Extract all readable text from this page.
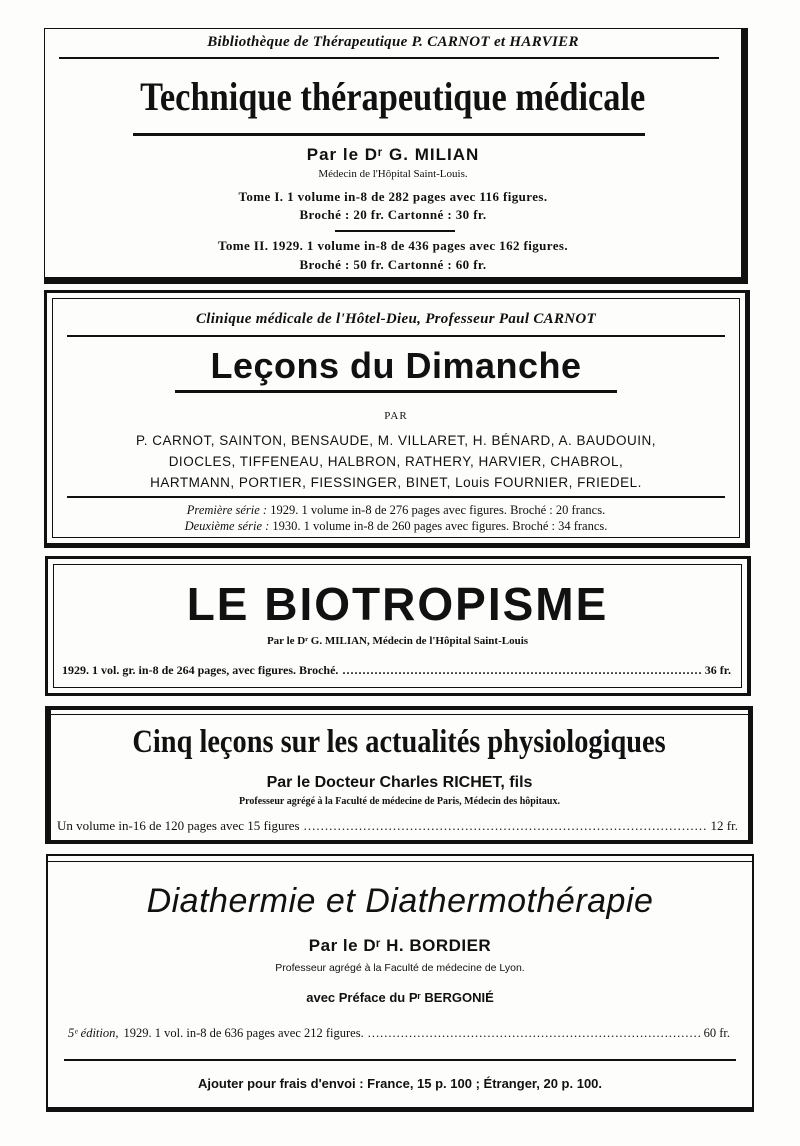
Bibliothèque de Thérapeutique P. CARNOT et HARVIER
Technique thérapeutique médicale
Par le Dʳ G. MILIAN
Médecin de l'Hôpital Saint-Louis.
Tome I. 1 volume in-8 de 282 pages avec 116 figures.
Broché : 20 fr. Cartonné : 30 fr.
Tome II. 1929. 1 volume in-8 de 436 pages avec 162 figures.
Broché : 50 fr. Cartonné : 60 fr.
Clinique médicale de l'Hôtel-Dieu, Professeur Paul CARNOT
Leçons du Dimanche
PAR
P. CARNOT, SAINTON, BENSAUDE, M. VILLARET, H. BÉNARD, A. BAUDOUIN,
DIOCLES, TIFFENEAU, HALBRON, RATHERY, HARVIER, CHABROL,
HARTMANN, PORTIER, FIESSINGER, BINET, Louis FOURNIER, FRIEDEL.
Première série : 1929. 1 volume in-8 de 276 pages avec figures. Broché : 20 francs.
Deuxième série : 1930. 1 volume in-8 de 260 pages avec figures. Broché : 34 francs.
LE BIOTROPISME
Par le Dʳ G. MILIAN, Médecin de l'Hôpital Saint-Louis
1929. 1 vol. gr. in-8 de 264 pages, avec figures. Broché. .....	36 fr.
Cinq leçons sur les actualités physiologiques
Par le Docteur Charles RICHET, fils
Professeur agrégé à la Faculté de médecine de Paris, Médecin des hôpitaux.
Un volume in-16 de 120 pages avec 15 figures .....	12 fr.
Diathermie et Diathermothérapie
Par le Dʳ H. BORDIER
Professeur agrégé à la Faculté de médecine de Lyon.
avec Préface du Pʳ BERGONIÉ
5ᵉ édition, 1929. 1 vol. in-8 de 636 pages avec 212 figures. .....	60 fr.
Ajouter pour frais d'envoi : France, 15 p. 100 ; Étranger, 20 p. 100.
